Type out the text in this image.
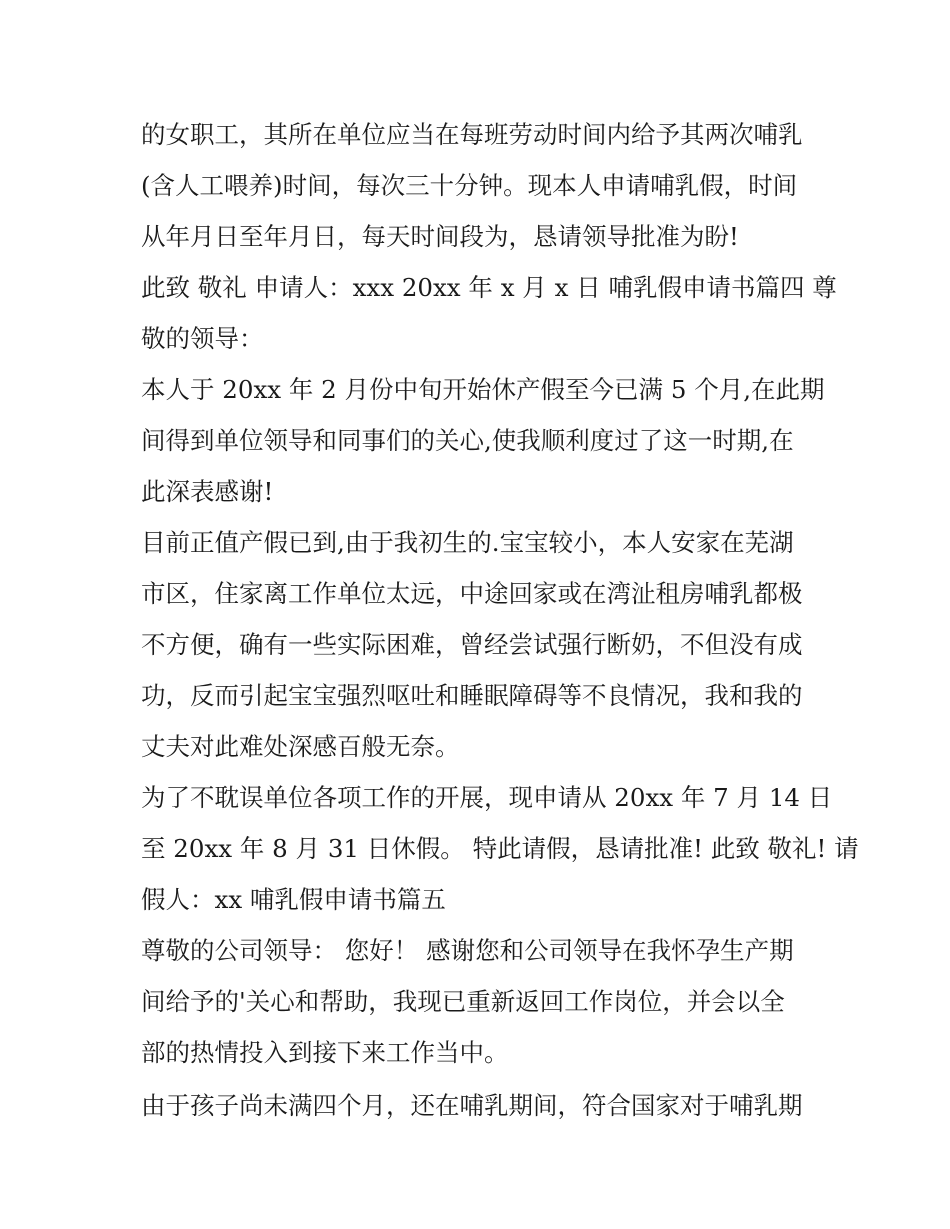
的女职工，其所在单位应当在每班劳动时间内给予其两次哺乳
(含人工喂养)时间，每次三十分钟。现本人申请哺乳假，时间
从年月日至年月日，每天时间段为，恳请领导批准为盼!
此致 敬礼 申请人：xxx 20xx 年 x 月 x 日 哺乳假申请书篇四 尊
敬的领导：
本人于 20xx 年 2 月份中旬开始休产假至今已满 5 个月,在此期
间得到单位领导和同事们的关心,使我顺利度过了这一时期,在
此深表感谢!
目前正值产假已到,由于我初生的.宝宝较小，本人安家在芜湖
市区，住家离工作单位太远，中途回家或在湾沚租房哺乳都极
不方便，确有一些实际困难，曾经尝试强行断奶，不但没有成
功，反而引起宝宝强烈呕吐和睡眠障碍等不良情况，我和我的
丈夫对此难处深感百般无奈。
为了不耽误单位各项工作的开展，现申请从 20xx 年 7 月 14 日
至 20xx 年 8 月 31 日休假。 特此请假，恳请批准! 此致 敬礼! 请
假人：xx 哺乳假申请书篇五
尊敬的公司领导： 您好！ 感谢您和公司领导在我怀孕生产期
间给予的'关心和帮助，我现已重新返回工作岗位，并会以全
部的热情投入到接下来工作当中。
由于孩子尚未满四个月，还在哺乳期间，符合国家对于哺乳期
